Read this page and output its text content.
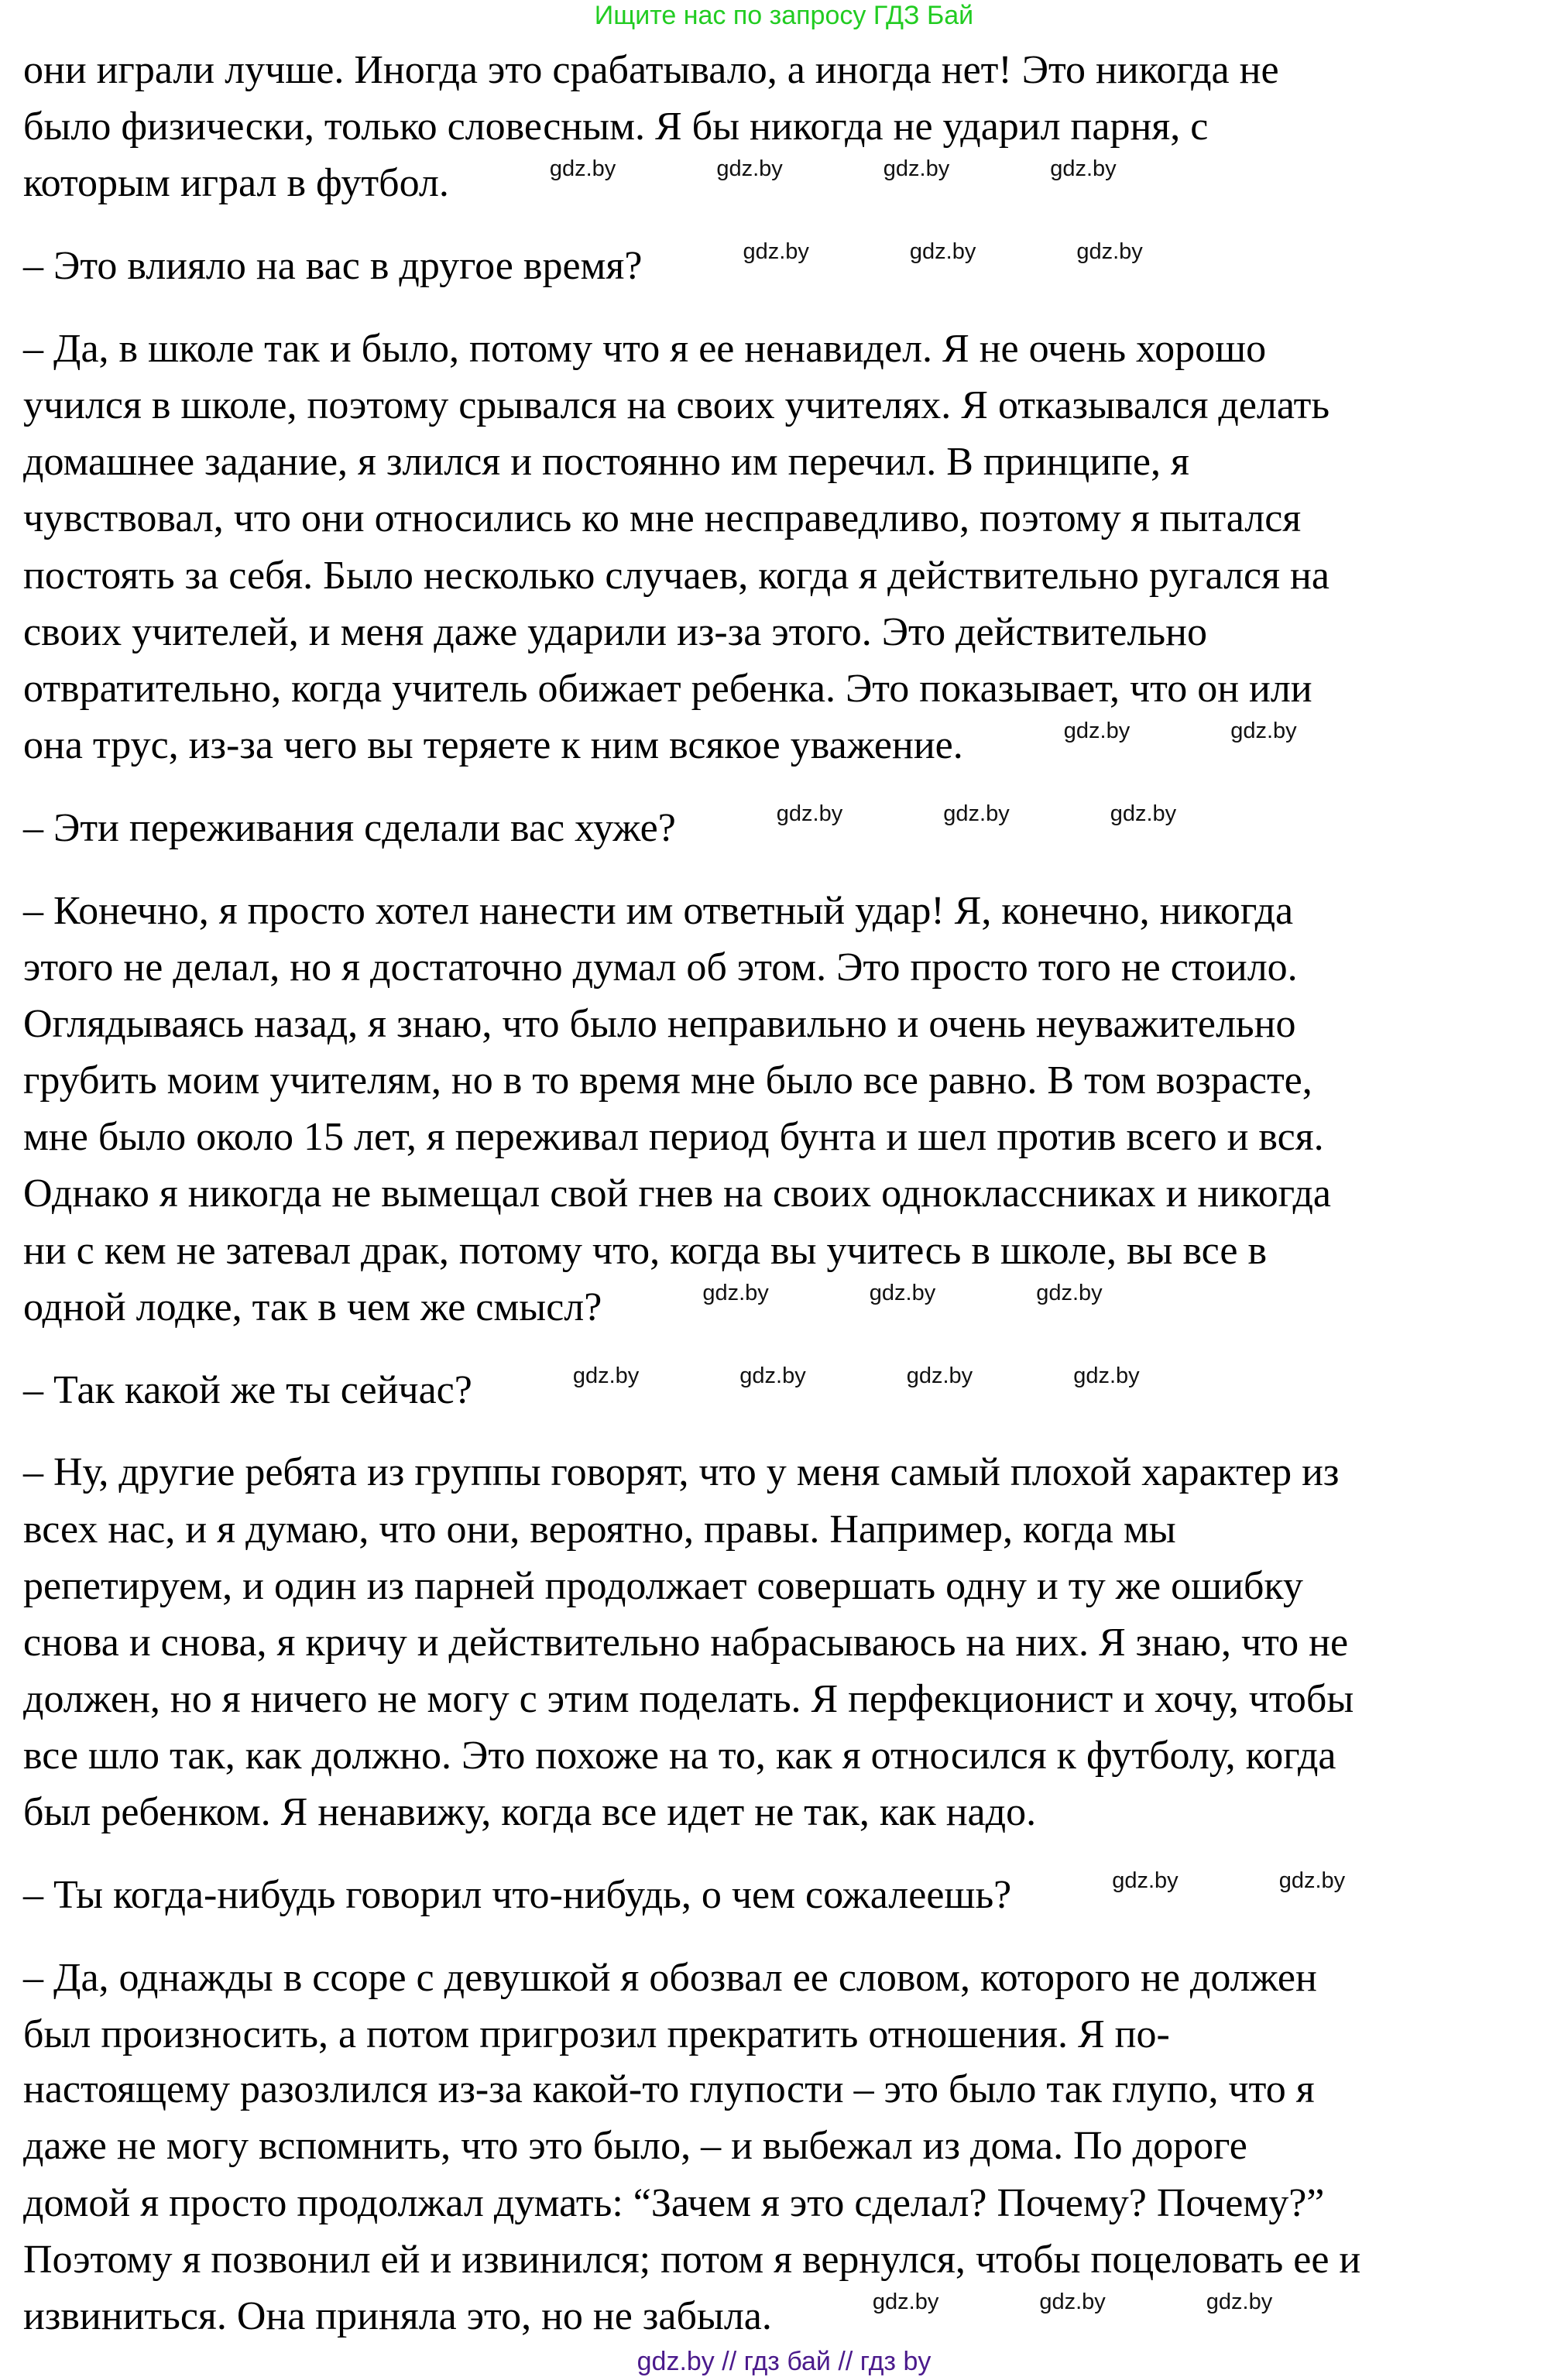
Ищите нас по запросу ГДЗ Бай
они играли лучше. Иногда это срабатывало, а иногда нет! Это никогда не
было физически, только словесным. Я бы никогда не ударил парня, с
которым играл в футбол.	gdz.by	gdz.by	gdz.by	gdz.by
– Это влияло на вас в другое время?	gdz.by	gdz.by	gdz.by
– Да, в школе так и было, потому что я ее ненавидел. Я не очень хорошо
учился в школе, поэтому срывался на своих учителях. Я отказывался делать
домашнее задание, я злился и постоянно им перечил. В принципе, я
чувствовал, что они относились ко мне несправедливо, поэтому я пытался
постоять за себя. Было несколько случаев, когда я действительно ругался на
своих учителей, и меня даже ударили из-за этого. Это действительно
отвратительно, когда учитель обижает ребенка. Это показывает, что он или
она трус, из-за чего вы теряете к ним всякое уважение.	gdz.by	gdz.by
– Эти переживания сделали вас хуже?	gdz.by	gdz.by	gdz.by
– Конечно, я просто хотел нанести им ответный удар! Я, конечно, никогда
этого не делал, но я достаточно думал об этом. Это просто того не стоило.
Оглядываясь назад, я знаю, что было неправильно и очень неуважительно
грубить моим учителям, но в то время мне было все равно. В том возрасте,
мне было около 15 лет, я переживал период бунта и шел против всего и вся.
Однако я никогда не вымещал свой гнев на своих одноклассниках и никогда
ни с кем не затевал драк, потому что, когда вы учитесь в школе, вы все в
одной лодке, так в чем же смысл?	gdz.by	gdz.by	gdz.by
– Так какой же ты сейчас?	gdz.by	gdz.by	gdz.by	gdz.by
– Ну, другие ребята из группы говорят, что у меня самый плохой характер из
всех нас, и я думаю, что они, вероятно, правы. Например, когда мы
репетируем, и один из парней продолжает совершать одну и ту же ошибку
снова и снова, я кричу и действительно набрасываюсь на них. Я знаю, что не
должен, но я ничего не могу с этим поделать. Я перфекционист и хочу, чтобы
все шло так, как должно. Это похоже на то, как я относился к футболу, когда
был ребенком. Я ненавижу, когда все идет не так, как надо.
– Ты когда-нибудь говорил что-нибудь, о чем сожалеешь?	gdz.by	gdz.by
– Да, однажды в ссоре с девушкой я обозвал ее словом, которого не должен
был произносить, а потом пригрозил прекратить отношения. Я по-
настоящему разозлился из-за какой-то глупости – это было так глупо, что я
даже не могу вспомнить, что это было, – и выбежал из дома. По дороге
домой я просто продолжал думать: “Зачем я это сделал? Почему? Почему?”
Поэтому я позвонил ей и извинился; потом я вернулся, чтобы поцеловать ее и
извиниться. Она приняла это, но не забыла.	gdz.by	gdz.by	gdz.by
gdz.by // гдз бай // гдз by
